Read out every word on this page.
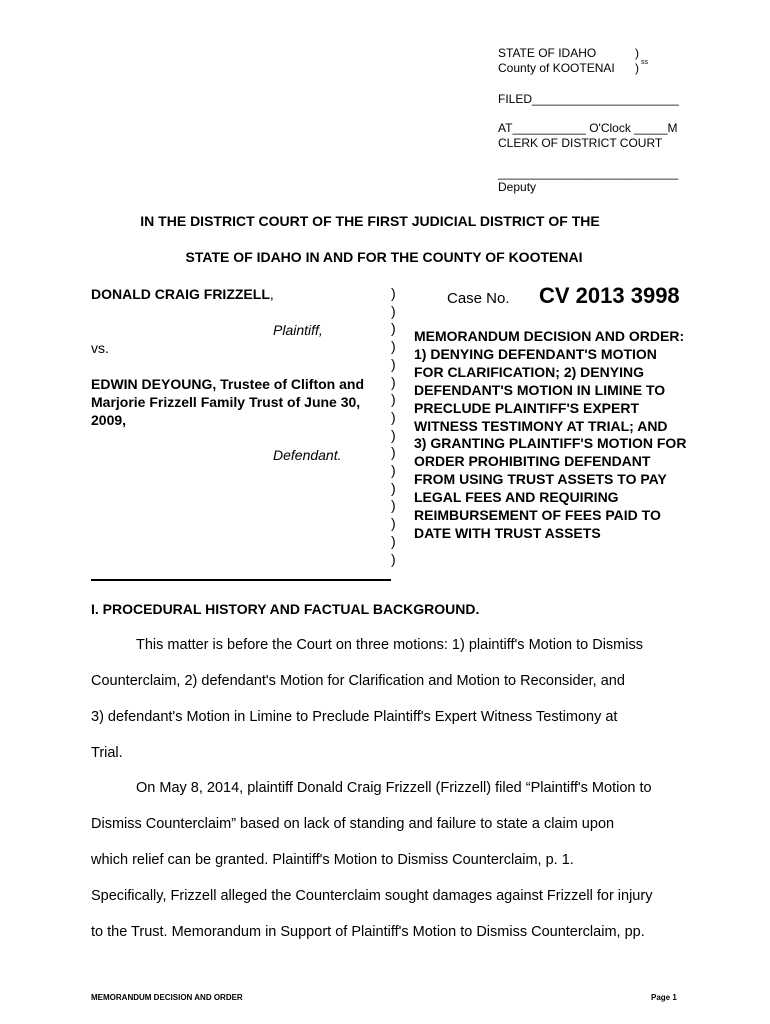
STATE OF IDAHO
County of KOOTENAI
)
) ss
FILED______________________
AT___________ O'Clock _____M
CLERK OF DISTRICT COURT
___________________________
Deputy
IN THE DISTRICT COURT OF THE FIRST JUDICIAL DISTRICT OF THE
STATE OF IDAHO IN AND FOR THE COUNTY OF KOOTENAI
DONALD CRAIG FRIZZELL,
Plaintiff,
vs.
EDWIN DEYOUNG, Trustee of Clifton and
Marjorie Frizzell Family Trust of June 30,
2009,
Defendant.
)
)
)
)
)
)
)
)
)
)
)
)
)
)
)
)
Case No. CV 2013 3998
MEMORANDUM DECISION AND ORDER:
1) DENYING DEFENDANT'S MOTION
FOR CLARIFICATION; 2) DENYING
DEFENDANT'S MOTION IN LIMINE TO
PRECLUDE PLAINTIFF'S EXPERT
WITNESS TESTIMONY AT TRIAL; AND
3) GRANTING PLAINTIFF'S MOTION FOR
ORDER PROHIBITING DEFENDANT
FROM USING TRUST ASSETS TO PAY
LEGAL FEES AND REQUIRING
REIMBURSEMENT OF FEES PAID TO
DATE WITH TRUST ASSETS
I. PROCEDURAL HISTORY AND FACTUAL BACKGROUND.
This matter is before the Court on three motions: 1) plaintiff's Motion to Dismiss
Counterclaim, 2) defendant's Motion for Clarification and Motion to Reconsider, and
3) defendant's Motion in Limine to Preclude Plaintiff's Expert Witness Testimony at
Trial.
On May 8, 2014, plaintiff Donald Craig Frizzell (Frizzell) filed “Plaintiff's Motion to
Dismiss Counterclaim” based on lack of standing and failure to state a claim upon
which relief can be granted. Plaintiff's Motion to Dismiss Counterclaim, p. 1.
Specifically, Frizzell alleged the Counterclaim sought damages against Frizzell for injury
to the Trust. Memorandum in Support of Plaintiff's Motion to Dismiss Counterclaim, pp.
MEMORANDUM DECISION AND ORDER	Page 1
